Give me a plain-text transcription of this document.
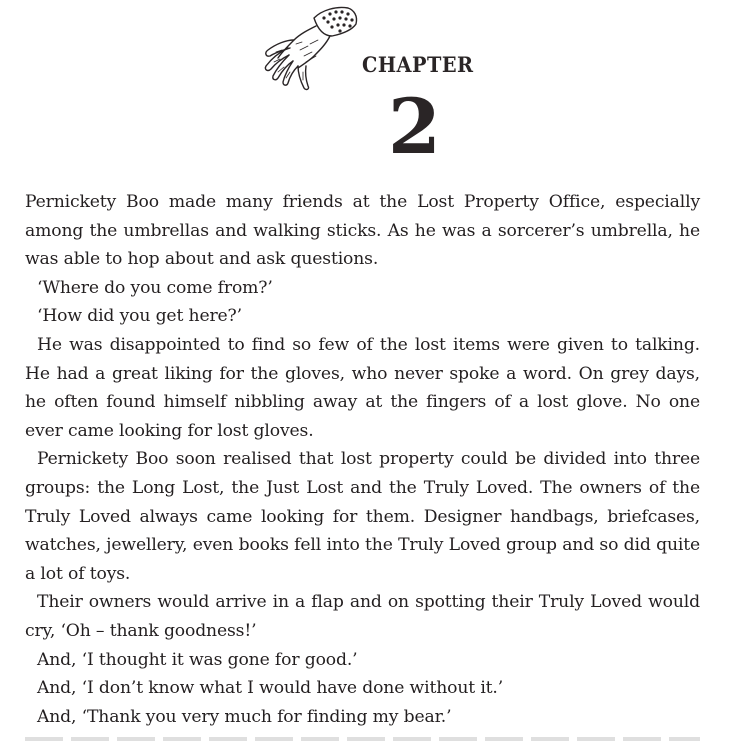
CHAPTER
2

Pernickety Boo made many friends at the Lost Property Office, especially among the umbrellas and walking sticks. As he was a sorcerer’s umbrella, he was able to hop about and ask questions.

‘Where do you come from?’

‘How did you get here?’

He was disappointed to find so few of the lost items were given to talking. He had a great liking for the gloves, who never spoke a word. On grey days, he often found himself nibbling away at the fingers of a lost glove. No one ever came looking for lost gloves.

Pernickety Boo soon realised that lost property could be divided into three groups: the Long Lost, the Just Lost and the Truly Loved. The owners of the Truly Loved always came looking for them. Designer handbags, briefcases, watches, jewellery, even books fell into the Truly Loved group and so did quite a lot of toys.

Their owners would arrive in a flap and on spotting their Truly Loved would cry, ‘Oh – thank goodness!’

And, ‘I thought it was gone for good.’

And, ‘I don’t know what I would have done without it.’

And, ‘Thank you very much for finding my bear.’
